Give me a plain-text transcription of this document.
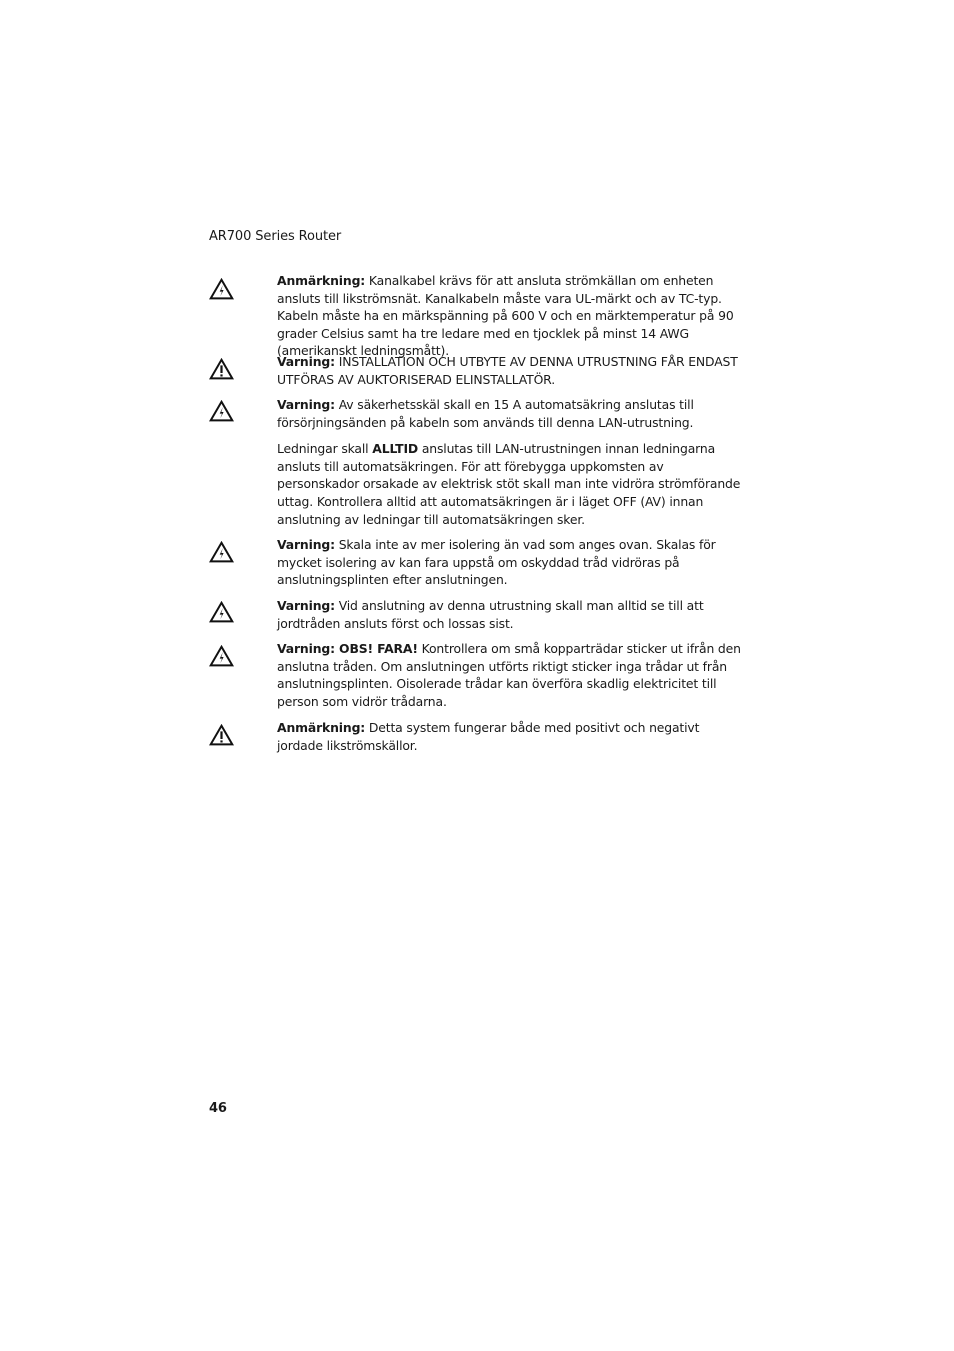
AR700 Series Router

Anmärkning: Kanalkabel krävs för att ansluta strömkällan om enheten ansluts till likströmsnät. Kanalkabeln måste vara UL-märkt och av TC-typ. Kabeln måste ha en märkspänning på 600 V och en märktemperatur på 90 grader Celsius samt ha tre ledare med en tjocklek på minst 14 AWG (amerikanskt ledningsmått).

Varning: INSTALLATION OCH UTBYTE AV DENNA UTRUSTNING FÅR ENDAST UTFÖRAS AV AUKTORISERAD ELINSTALLATÖR.

Varning: Av säkerhetsskäl skall en 15 A automatsäkring anslutas till försörjningsänden på kabeln som används till denna LAN-utrustning.

Ledningar skall ALLTID anslutas till LAN-utrustningen innan ledningarna ansluts till automatsäkringen. För att förebygga uppkomsten av personskador orsakade av elektrisk stöt skall man inte vidröra strömförande uttag. Kontrollera alltid att automatsäkringen är i läget OFF (AV) innan anslutning av ledningar till automatsäkringen sker.

Varning: Skala inte av mer isolering än vad som anges ovan. Skalas för mycket isolering av kan fara uppstå om oskyddad tråd vidröras på anslutningsplinten efter anslutningen.

Varning: Vid anslutning av denna utrustning skall man alltid se till att jordtråden ansluts först och lossas sist.

Varning: OBS! FARA! Kontrollera om små kopparträdar sticker ut ifrån den anslutna tråden. Om anslutningen utförts riktigt sticker inga trådar ut från anslutningsplinten. Oisolerade trådar kan överföra skadlig elektricitet till person som vidrör trådarna.

Anmärkning: Detta system fungerar både med positivt och negativt jordade likströmskällor.

46
